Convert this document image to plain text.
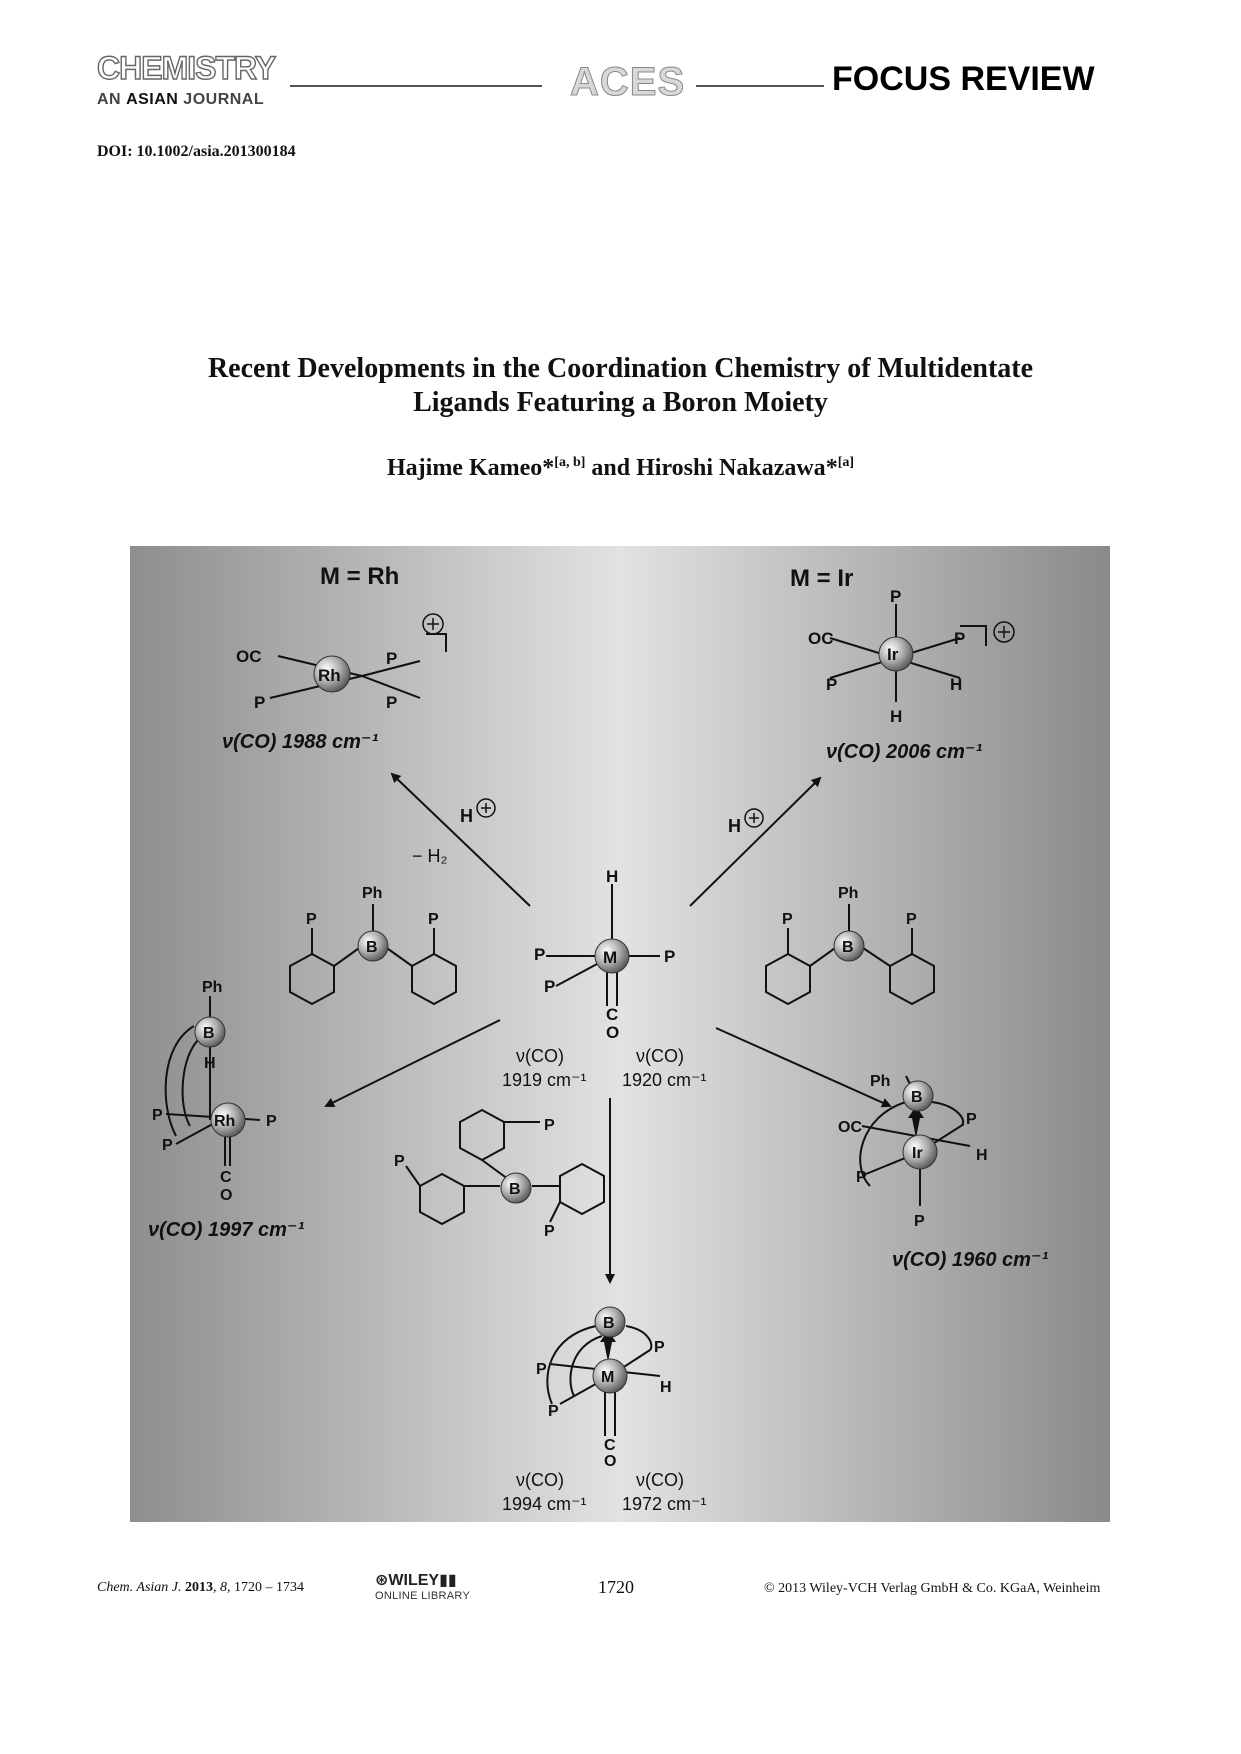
CHEMISTRY
AN ASIAN JOURNAL	ACES	FOCUS REVIEW
DOI: 10.1002/asia.201300184
Recent Developments in the Coordination Chemistry of Multidentate
Ligands Featuring a Boron Moiety
Hajime Kameo*[a, b] and Hiroshi Nakazawa*[a]
M = Rh	M = Ir
Rh
OC	P
P	P
ν(CO) 1988 cm⁻¹
Ir
P
OC	P
P	H
H
ν(CO) 2006 cm⁻¹
H
− H₂
H
M
H
P	P
P
C
O
ν(CO)
1919 cm⁻¹
ν(CO)
1920 cm⁻¹
B
Ph
P	P
B
Ph
P	P
B
Ph
H
Rh
P	P
P
C
O
ν(CO) 1997 cm⁻¹
B
Ph
Ir
OC	P
H
P
P
ν(CO) 1960 cm⁻¹
B
P
P
P
B
M
P
P
H
P
C
O
ν(CO)
1994 cm⁻¹
ν(CO)
1972 cm⁻¹
Chem. Asian J. 2013, 8, 1720 – 1734	⊛WILEY▮▮
ONLINE LIBRARY	1720	© 2013 Wiley-VCH Verlag GmbH & Co. KGaA, Weinheim
